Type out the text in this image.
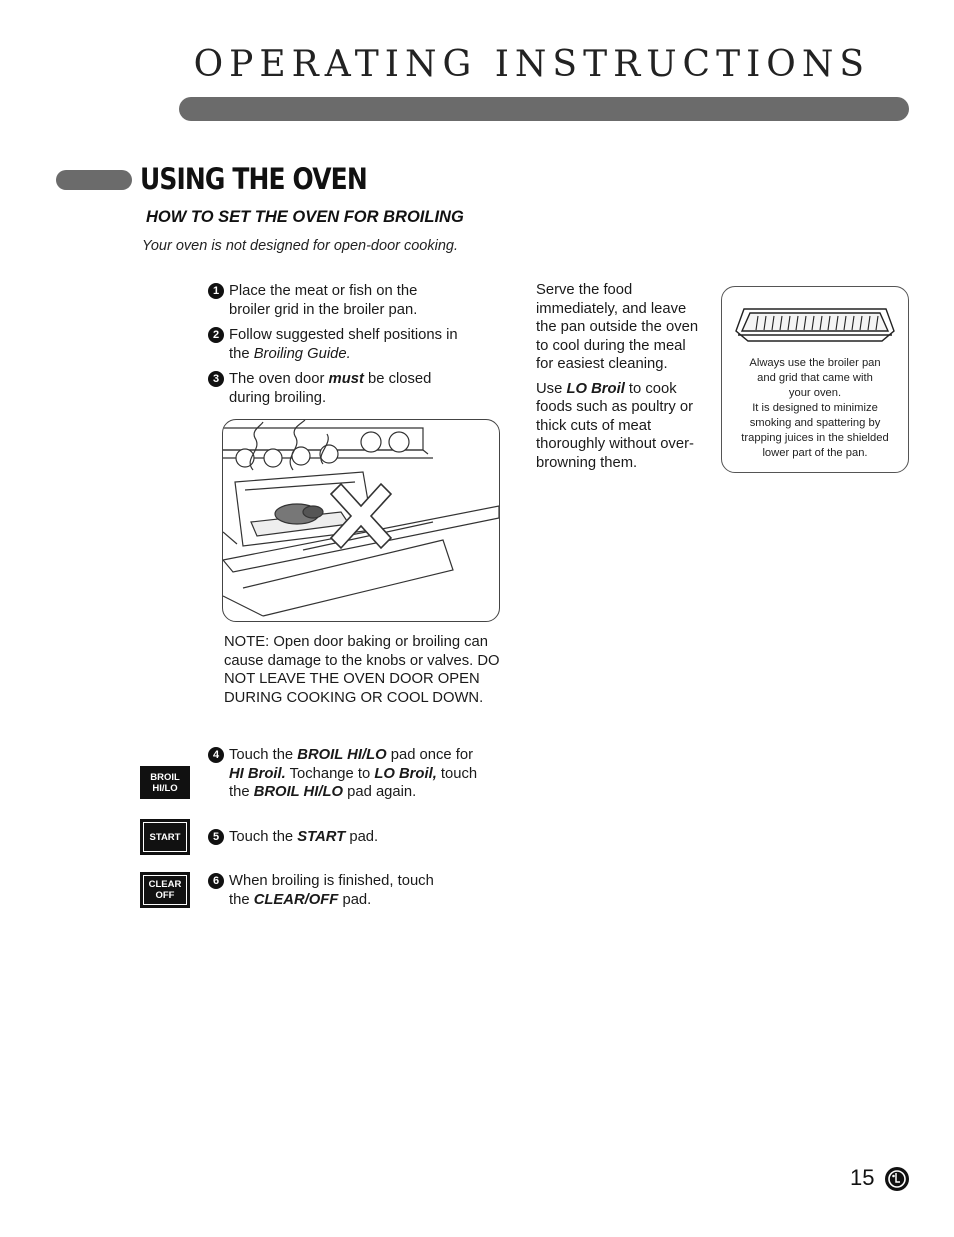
OPERATING INSTRUCTIONS
USING THE OVEN
HOW TO SET THE OVEN FOR BROILING
Your oven is not designed for open-door cooking.
1 Place the meat or fish on the broiler grid in the broiler pan.
2 Follow suggested shelf positions in the Broiling Guide.
3 The oven door must be closed during broiling.
NOTE: Open door baking or broiling can cause damage to the knobs or valves. DO NOT LEAVE THE OVEN DOOR OPEN DURING COOKING OR COOL DOWN.
4 Touch the BROIL HI/LO pad once for HI Broil. Tochange to LO Broil, touch the BROIL HI/LO pad again.
5 Touch the START pad.
6 When broiling is finished, touch the CLEAR/OFF pad.
BROIL
HI/LO
START
CLEAR
OFF
Serve the food immediately, and leave the pan outside the oven to cool during the meal for easiest cleaning.
Use LO Broil to cook foods such as poultry or thick cuts of meat thoroughly without over-browning them.
Always use the broiler pan
and grid that came with
your oven.
It is designed to minimize
smoking and spattering by
trapping juices in the shielded
lower part of the pan.
15
